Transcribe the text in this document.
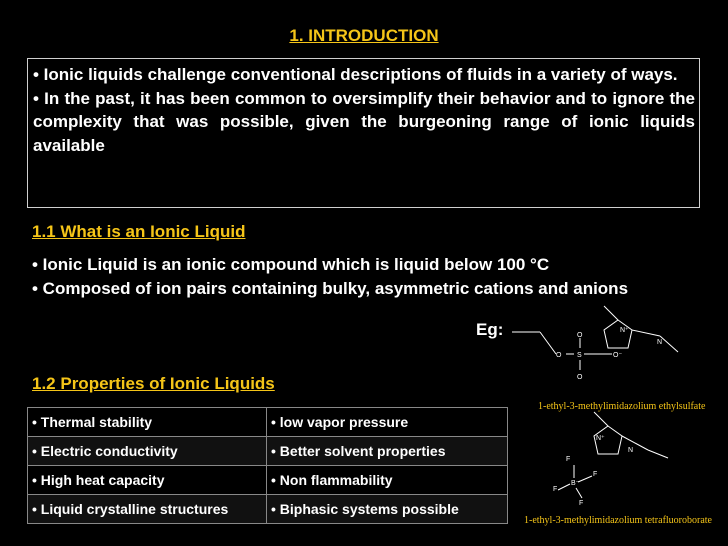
1. INTRODUCTION

• Ionic liquids challenge conventional descriptions of fluids in a variety of ways.

• In the past, it has been common to oversimplify their behavior and to ignore the complexity that was possible, given the burgeoning range of ionic liquids available

1.1 What is an Ionic Liquid

• Ionic Liquid is an ionic compound which is liquid below 100 °C

• Composed of ion pairs containing bulky, asymmetric cations and anions

Eg:	O
S
O	O⁻
O
N⁺
N
1-ethyl-3-methylimidazolium ethylsulfate
N⁺
N
F
F
B⁻
F
F
1-ethyl-3-methylimidazolium tetrafluoroborate
1.2 Properties of Ionic Liquids
• Thermal stability	• low vapor pressure
• Electric conductivity	• Better solvent properties
• High heat capacity	• Non flammability
• Liquid crystalline structures	• Biphasic systems possible
